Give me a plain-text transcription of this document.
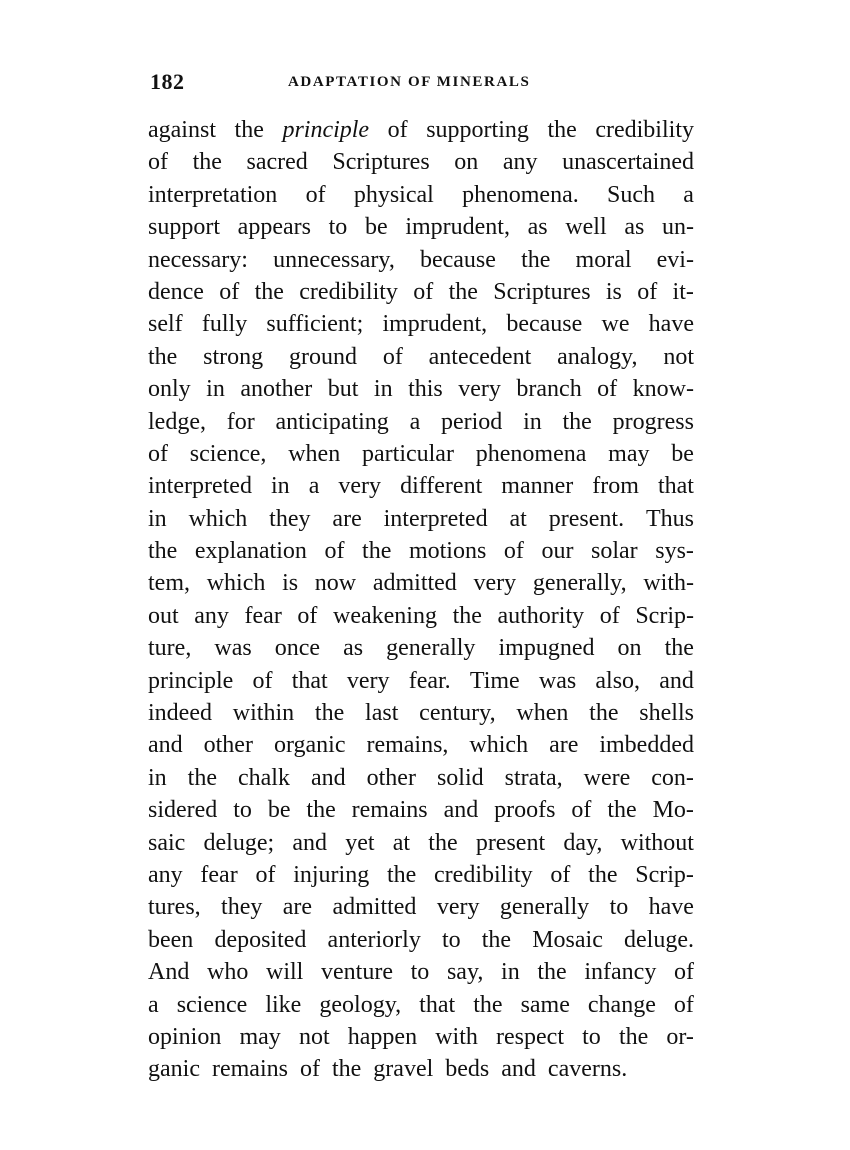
182	ADAPTATION OF MINERALS
against the principle of supporting the credibility
of the sacred Scriptures on any unascertained
interpretation of physical phenomena. Such a
support appears to be imprudent, as well as un-
necessary: unnecessary, because the moral evi-
dence of the credibility of the Scriptures is of it-
self fully sufficient; imprudent, because we have
the strong ground of antecedent analogy, not
only in another but in this very branch of know-
ledge, for anticipating a period in the progress
of science, when particular phenomena may be
interpreted in a very different manner from that
in which they are interpreted at present. Thus
the explanation of the motions of our solar sys-
tem, which is now admitted very generally, with-
out any fear of weakening the authority of Scrip-
ture, was once as generally impugned on the
principle of that very fear. Time was also, and
indeed within the last century, when the shells
and other organic remains, which are imbedded
in the chalk and other solid strata, were con-
sidered to be the remains and proofs of the Mo-
saic deluge; and yet at the present day, without
any fear of injuring the credibility of the Scrip-
tures, they are admitted very generally to have
been deposited anteriorly to the Mosaic deluge.
And who will venture to say, in the infancy of
a science like geology, that the same change of
opinion may not happen with respect to the or-
ganic remains of the gravel beds and caverns.
